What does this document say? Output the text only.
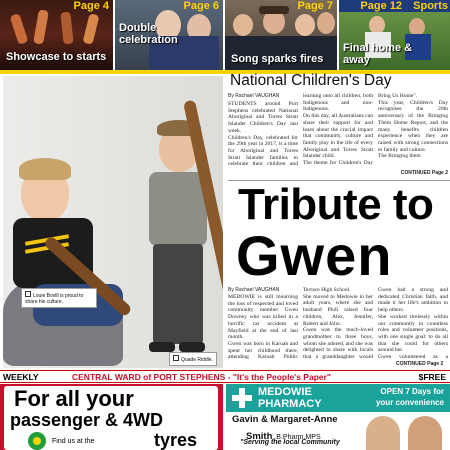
Page 4
Showcase to starts
Page 6
Double celebration
Page 7
Song sparks fires
Page 12 Sports
Final home & away
Louie Bovill is proud to share his culture.
Quade Riddle.
National Children's Day
By Rachael VAUGHAN
STUDENTS around Port Stephens celebrated National Aboriginal and Torres Strait Islander Children's Day last week.
Children's Day, celebrated for the 29th year in 2017, is a time for Aboriginal and Torres Strait Islander families to celebrate their children and
learning onto all children, both Indigenous and non-Indigenous.
On this day, all Australians can share their support for and learn about the crucial impact that community, culture and family play in the life of every Aboriginal and Torres Strait Islander child.
The theme for Children's Day
Bring Us Home".
This year, Children's Day recognises the 20th anniversary of the Bringing Them Home Report, and the many benefits children experience when they are raised with strong connections to family and culture.
The Bringing them
CONTINUED Page 2
Tribute to
Gwen
By Rachael VAUGHAN
MEDOWIE is still mourning the loss of respected and loved community member Gwen Downey who was killed in a horrific car accident at Mayfield at the end of last month.
Gwen was born in Karuah and spent her childhood there, attending Karuah Public
Terrace High School.
She moved to Medowie in her adult years, where she and husband Phill raised four children, Alex, Jennifer, Robert and John.
Gwen was the much-loved grandmother to three boys, whom she adored, and she was delighted to share with locals that a granddaughter would
Gwen had a strong and dedicated Christian faith, and made it her life's ambition to help others.
She worked tirelessly within our community in countless roles and volunteer positions, with one single goal: to do all that she could for others around her.
Gwen volunteered as a
CONTINUED Page 2
WEEKLY	CENTRAL WARD of PORT STEPHENS - "It's the People's Paper"	$FREE
For all your
passenger & 4WD
tyres
Find us at the
MEDOWIE
PHARMACY
OPEN 7 Days for
your convenience
Gavin & Margaret-Anne
Smith, B.Pharm.MPS
"Serving the local Community
